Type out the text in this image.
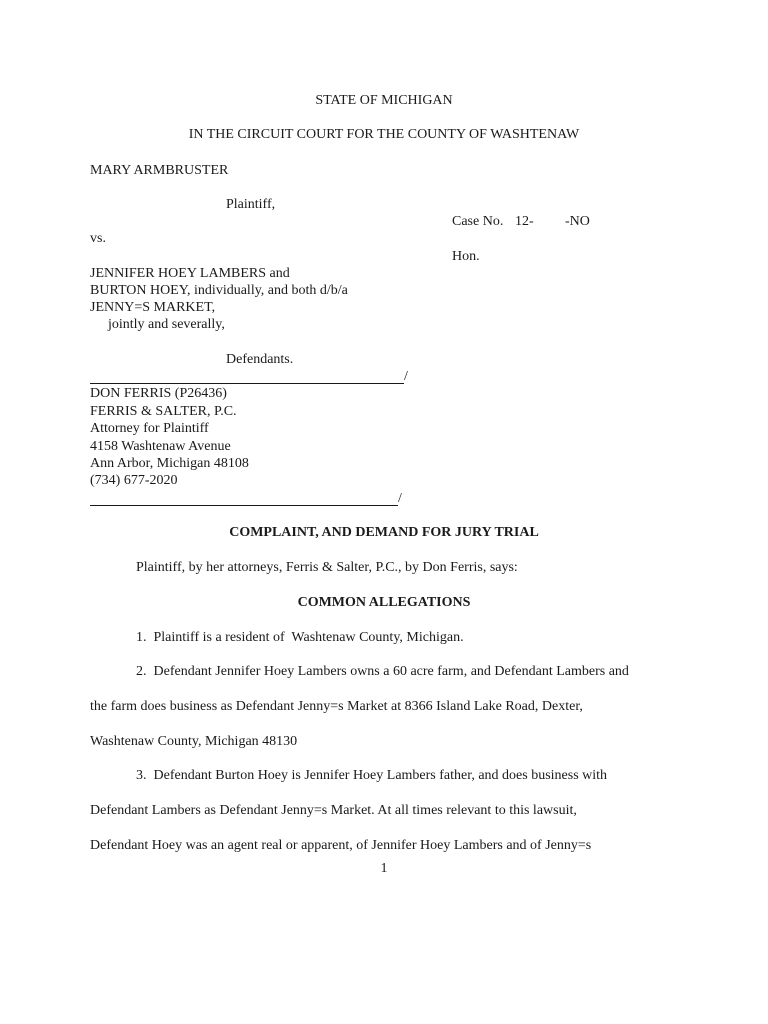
STATE OF MICHIGAN
IN THE CIRCUIT COURT FOR THE COUNTY OF WASHTENAW
MARY ARMBRUSTER
Plaintiff,
Case No. 12- -NO
vs.
Hon.
JENNIFER HOEY LAMBERS and
BURTON HOEY, individually, and both d/b/a
JENNY=S MARKET,
jointly and severally,
Defendants.
/
DON FERRIS (P26436)
FERRIS & SALTER, P.C.
Attorney for Plaintiff
4158 Washtenaw Avenue
Ann Arbor, Michigan 48108
(734) 677-2020
/
COMPLAINT, AND DEMAND FOR JURY TRIAL
Plaintiff, by her attorneys, Ferris & Salter, P.C., by Don Ferris, says:
COMMON ALLEGATIONS
1.  Plaintiff is a resident of  Washtenaw County, Michigan.
2.  Defendant Jennifer Hoey Lambers owns a 60 acre farm, and Defendant Lambers and
the farm does business as Defendant Jenny=s Market at 8366 Island Lake Road, Dexter,
Washtenaw County, Michigan 48130
3.  Defendant Burton Hoey is Jennifer Hoey Lambers father, and does business with
Defendant Lambers as Defendant Jenny=s Market. At all times relevant to this lawsuit,
Defendant Hoey was an agent real or apparent, of Jennifer Hoey Lambers and of Jenny=s
1
